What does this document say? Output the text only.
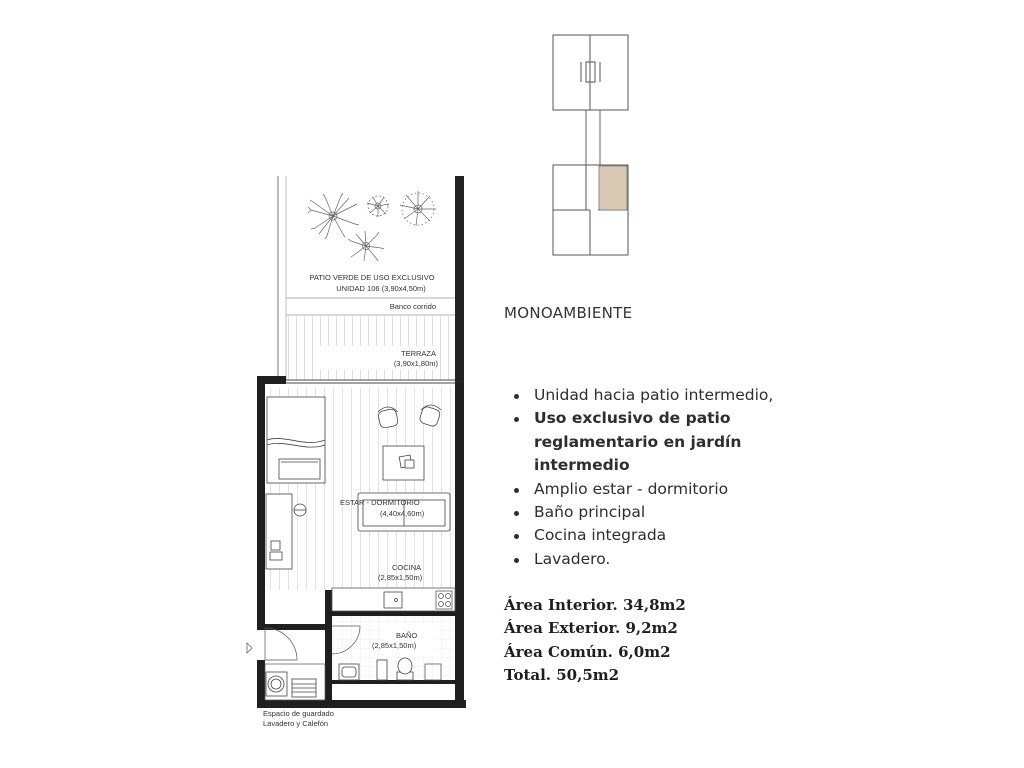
PATIO VERDE DE USO EXCLUSIVO
UNIDAD 106 (3,90x4,50m)
Banco corrido
TERRAZA
(3,90x1,80m)
ESTAR - DORMITORIO
(4,40x4,60m)
COCINA
(2,85x1,50m)
BAÑO
(2,85x1,50m)
Espacio de guardado
Lavadero y Calefón
MONOAMBIENTE
Unidad hacia patio intermedio,
Uso exclusivo de patio reglamentario en jardín intermedio
Amplio estar - dormitorio
Baño principal
Cocina integrada
Lavadero.
Área Interior. 34,8m2
Área Exterior. 9,2m2
Área Común. 6,0m2
Total. 50,5m2
